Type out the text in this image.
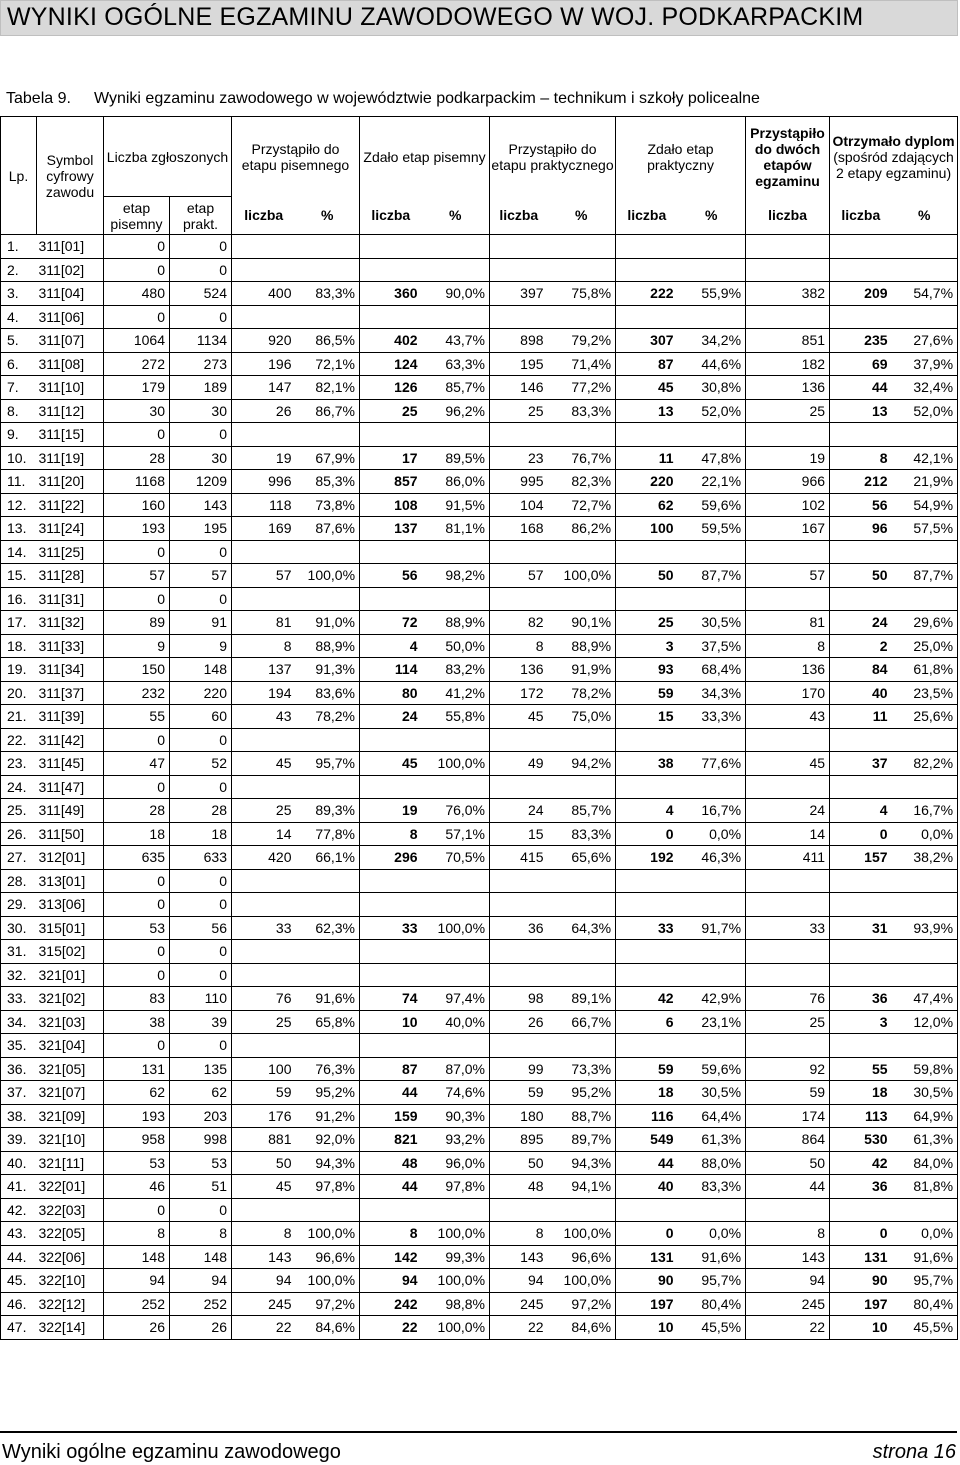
WYNIKI OGÓLNE EGZAMINU ZAWODOWEGO W WOJ. PODKARPACKIM
Tabela 9. Wyniki egzaminu zawodowego w województwie podkarpackim – technikum i szkoły policealne
Lp.	Symbol cyfrowy zawodu	Liczba zgłoszonych		Przystąpiło do etapu pisemnego		Zdało etap pisemny		Przystąpiło do etapu praktycznego		Zdało etap praktyczny		Przystąpiło do dwóch etapów egzaminu	Otrzymało dyplom
(spośród zdających 2 etapy egzaminu)	
		etap pisemny	etap prakt.	liczba	%	liczba	%	liczba	%	liczba	%	liczba	liczba	%
1.	311[01]	0	0											
2.	311[02]	0	0											
3.	311[04]	480	524	400	83,3%	360	90,0%	397	75,8%	222	55,9%	382	209	54,7%
4.	311[06]	0	0											
5.	311[07]	1064	1134	920	86,5%	402	43,7%	898	79,2%	307	34,2%	851	235	27,6%
6.	311[08]	272	273	196	72,1%	124	63,3%	195	71,4%	87	44,6%	182	69	37,9%
7.	311[10]	179	189	147	82,1%	126	85,7%	146	77,2%	45	30,8%	136	44	32,4%
8.	311[12]	30	30	26	86,7%	25	96,2%	25	83,3%	13	52,0%	25	13	52,0%
9.	311[15]	0	0											
10.	311[19]	28	30	19	67,9%	17	89,5%	23	76,7%	11	47,8%	19	8	42,1%
11.	311[20]	1168	1209	996	85,3%	857	86,0%	995	82,3%	220	22,1%	966	212	21,9%
12.	311[22]	160	143	118	73,8%	108	91,5%	104	72,7%	62	59,6%	102	56	54,9%
13.	311[24]	193	195	169	87,6%	137	81,1%	168	86,2%	100	59,5%	167	96	57,5%
14.	311[25]	0	0											
15.	311[28]	57	57	57	100,0%	56	98,2%	57	100,0%	50	87,7%	57	50	87,7%
16.	311[31]	0	0											
17.	311[32]	89	91	81	91,0%	72	88,9%	82	90,1%	25	30,5%	81	24	29,6%
18.	311[33]	9	9	8	88,9%	4	50,0%	8	88,9%	3	37,5%	8	2	25,0%
19.	311[34]	150	148	137	91,3%	114	83,2%	136	91,9%	93	68,4%	136	84	61,8%
20.	311[37]	232	220	194	83,6%	80	41,2%	172	78,2%	59	34,3%	170	40	23,5%
21.	311[39]	55	60	43	78,2%	24	55,8%	45	75,0%	15	33,3%	43	11	25,6%
22.	311[42]	0	0											
23.	311[45]	47	52	45	95,7%	45	100,0%	49	94,2%	38	77,6%	45	37	82,2%
24.	311[47]	0	0											
25.	311[49]	28	28	25	89,3%	19	76,0%	24	85,7%	4	16,7%	24	4	16,7%
26.	311[50]	18	18	14	77,8%	8	57,1%	15	83,3%	0	0,0%	14	0	0,0%
27.	312[01]	635	633	420	66,1%	296	70,5%	415	65,6%	192	46,3%	411	157	38,2%
28.	313[01]	0	0											
29.	313[06]	0	0											
30.	315[01]	53	56	33	62,3%	33	100,0%	36	64,3%	33	91,7%	33	31	93,9%
31.	315[02]	0	0											
32.	321[01]	0	0											
33.	321[02]	83	110	76	91,6%	74	97,4%	98	89,1%	42	42,9%	76	36	47,4%
34.	321[03]	38	39	25	65,8%	10	40,0%	26	66,7%	6	23,1%	25	3	12,0%
35.	321[04]	0	0											
36.	321[05]	131	135	100	76,3%	87	87,0%	99	73,3%	59	59,6%	92	55	59,8%
37.	321[07]	62	62	59	95,2%	44	74,6%	59	95,2%	18	30,5%	59	18	30,5%
38.	321[09]	193	203	176	91,2%	159	90,3%	180	88,7%	116	64,4%	174	113	64,9%
39.	321[10]	958	998	881	92,0%	821	93,2%	895	89,7%	549	61,3%	864	530	61,3%
40.	321[11]	53	53	50	94,3%	48	96,0%	50	94,3%	44	88,0%	50	42	84,0%
41.	322[01]	46	51	45	97,8%	44	97,8%	48	94,1%	40	83,3%	44	36	81,8%
42.	322[03]	0	0											
43.	322[05]	8	8	8	100,0%	8	100,0%	8	100,0%	0	0,0%	8	0	0,0%
44.	322[06]	148	148	143	96,6%	142	99,3%	143	96,6%	131	91,6%	143	131	91,6%
45.	322[10]	94	94	94	100,0%	94	100,0%	94	100,0%	90	95,7%	94	90	95,7%
46.	322[12]	252	252	245	97,2%	242	98,8%	245	97,2%	197	80,4%	245	197	80,4%
47.	322[14]	26	26	22	84,6%	22	100,0%	22	84,6%	10	45,5%	22	10	45,5%
Wyniki ogólne egzaminu zawodowego	strona 16
